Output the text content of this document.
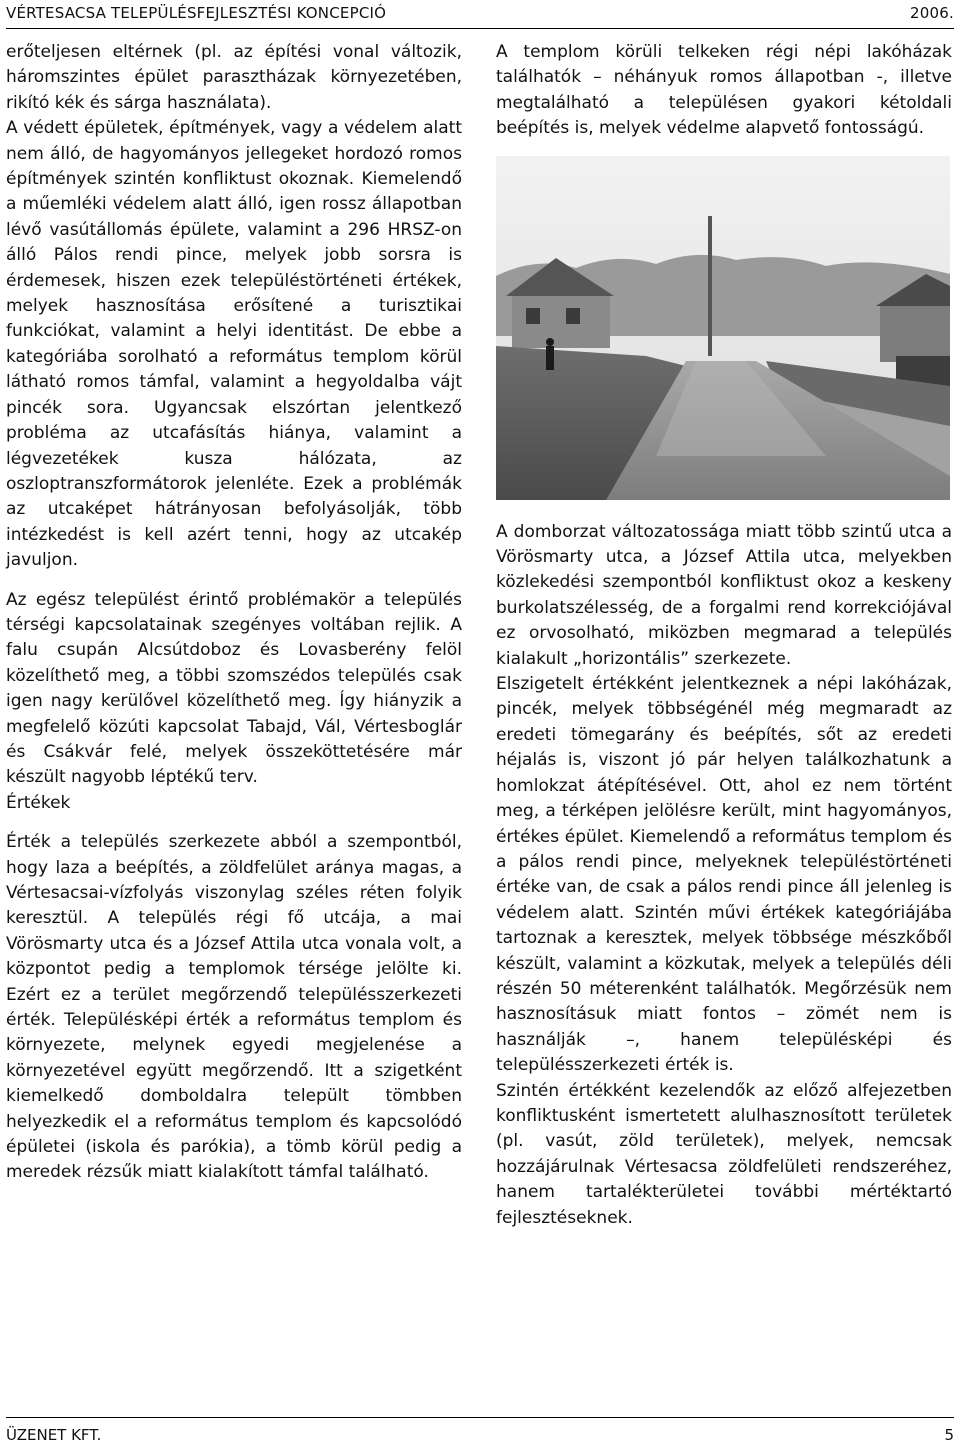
VÉRTESACSA TELEPÜLÉSFEJLESZTÉSI KONCEPCIÓ	2006.

erőteljesen eltérnek (pl. az építési vonal változik, háromszintes épület parasztházak környezetében, rikító kék és sárga használata).

A védett épületek, építmények, vagy a védelem alatt nem álló, de hagyományos jellegeket hordozó romos építmények szintén konfliktust okoznak. Kiemelendő a műemléki védelem alatt álló, igen rossz állapotban lévő vasútállomás épülete, valamint a 296 HRSZ-on álló Pálos rendi pince, melyek jobb sorsra is érdemesek, hiszen ezek településtörténeti értékek, melyek hasznosítása erősítené a turisztikai funkciókat, valamint a helyi identitást. De ebbe a kategóriába sorolható a református templom körül látható romos támfal, valamint a hegyoldalba vájt pincék sora. Ugyancsak elszórtan jelentkező probléma az utcafásítás hiánya, valamint a légvezetékek kusza hálózata, az oszloptranszformátorok jelenléte. Ezek a problémák az utcaképet hátrányosan befolyásolják, több intézkedést is kell azért tenni, hogy az utcakép javuljon.

Az egész települést érintő problémakör a település térségi kapcsolatainak szegényes voltában rejlik. A falu csupán Alcsútdoboz és Lovasberény felöl közelíthető meg, a többi szomszédos település csak igen nagy kerülővel közelíthető meg. Így hiányzik a megfelelő közúti kapcsolat Tabajd, Vál, Vértesboglár és Csákvár felé, melyek összeköttetésére már készült nagyobb léptékű terv.

Értékek

Érték a település szerkezete abból a szempontból, hogy laza a beépítés, a zöldfelület aránya magas, a Vértesacsai-vízfolyás viszonylag széles réten folyik keresztül. A település régi fő utcája, a mai Vörösmarty utca és a József Attila utca vonala volt, a központot pedig a templomok térsége jelölte ki. Ezért ez a terület megőrzendő településszerkezeti érték. Településképi érték a református templom és környezete, melynek egyedi megjelenése a környezetével együtt megőrzendő. Itt a szigetként kiemelkedő domboldalra települt tömbben helyezkedik el a református templom és kapcsolódó épületei (iskola és parókia), a tömb körül pedig a meredek rézsűk miatt kialakított támfal található.

A templom körüli telkeken régi népi lakóházak találhatók – néhányuk romos állapotban -, illetve megtalálható a településen gyakori kétoldali beépítés is, melyek védelme alapvető fontosságú.

A domborzat változatossága miatt több szintű utca a Vörösmarty utca, a József Attila utca, melyekben közlekedési szempontból konfliktust okoz a keskeny burkolatszélesség, de a forgalmi rend korrekciójával ez orvosolható, miközben megmarad a település kialakult „horizontális” szerkezete.

Elszigetelt értékként jelentkeznek a népi lakóházak, pincék, melyek többségénél még megmaradt az eredeti tömegarány és beépítés, sőt az eredeti héjalás is, viszont jó pár helyen találkozhatunk a homlokzat átépítésével. Ott, ahol ez nem történt meg, a térképen jelölésre került, mint hagyományos, értékes épület. Kiemelendő a református templom és a pálos rendi pince, melyeknek településtörténeti értéke van, de csak a pálos rendi pince áll jelenleg is védelem alatt. Szintén művi értékek kategóriájába tartoznak a keresztek, melyek többsége mészkőből készült, valamint a közkutak, melyek a település déli részén 50 méterenként találhatók. Megőrzésük nem hasznosításuk miatt fontos – zömét nem is használják –, hanem településképi és településszerkezeti érték is.

Szintén értékként kezelendők az előző alfejezetben konfliktusként ismertetett alulhasznosított területek (pl. vasút, zöld területek), melyek, nemcsak hozzájárulnak Vértesacsa zöldfelületi rendszeréhez, hanem tartalékterületei további mértéktartó fejlesztéseknek.

ÜZENET KFT.	5
